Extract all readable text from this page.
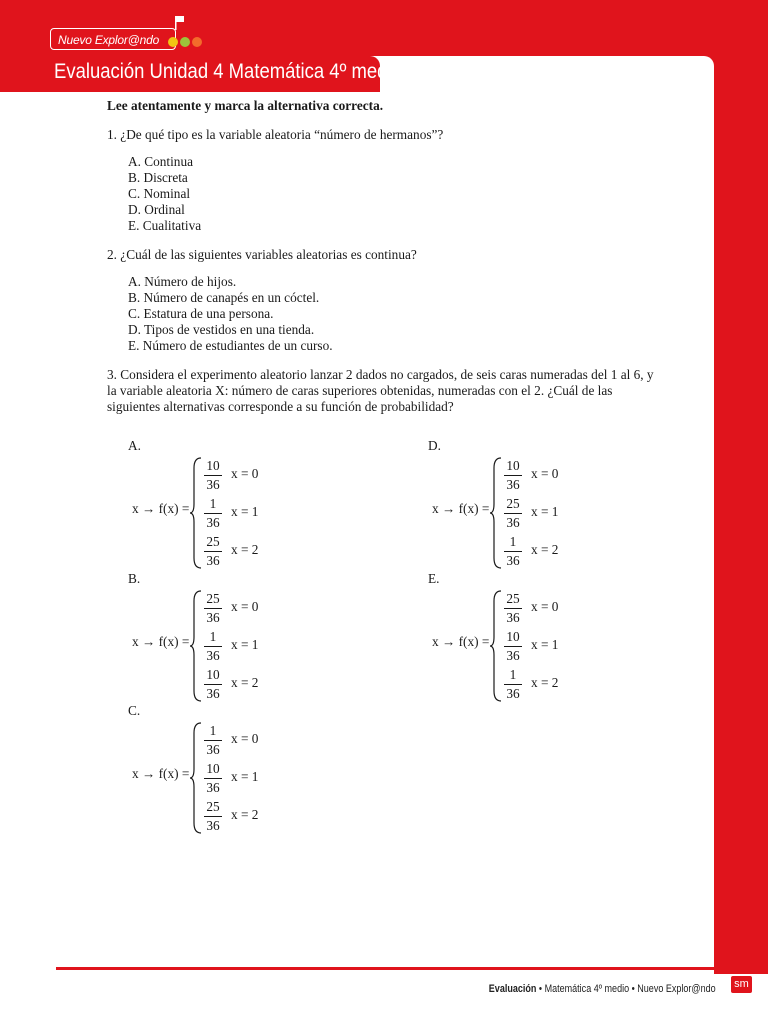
Nuevo Explor@ndo
Evaluación Unidad 4 Matemática 4º medio

Lee atentamente y marca la alternativa correcta.

1. ¿De qué tipo es la variable aleatoria “número de hermanos”?

A. Continua
B. Discreta
C. Nominal
D. Ordinal
E. Cualitativa

2. ¿Cuál de las siguientes variables aleatorias es continua?

A. Número de hijos.
B. Número de canapés en un cóctel.
C. Estatura de una persona.
D. Tipos de vestidos en una tienda.
E. Número de estudiantes de un curso.

3. Considera el experimento aleatorio lanzar 2 dados no cargados, de seis caras numeradas del 1 al 6, y la variable aleatoria X: número de caras superiores obtenidas, numeradas con el 2. ¿Cuál de las siguientes alternativas corresponde a su función de probabilidad?

A.
x → f(x) =
10
36
x = 0
1
36
x = 1
25
36
x = 2
D.
x → f(x) =
10
36
x = 0
25
36
x = 1
1
36
x = 2
B.
x → f(x) =
25
36
x = 0
1
36
x = 1
10
36
x = 2
E.
x → f(x) =
25
36
x = 0
10
36
x = 1
1
36
x = 2
C.
x → f(x) =
1
36
x = 0
10
36
x = 1
25
36
x = 2
Evaluación • Matemática 4º medio • Nuevo Explor@ndo sm
